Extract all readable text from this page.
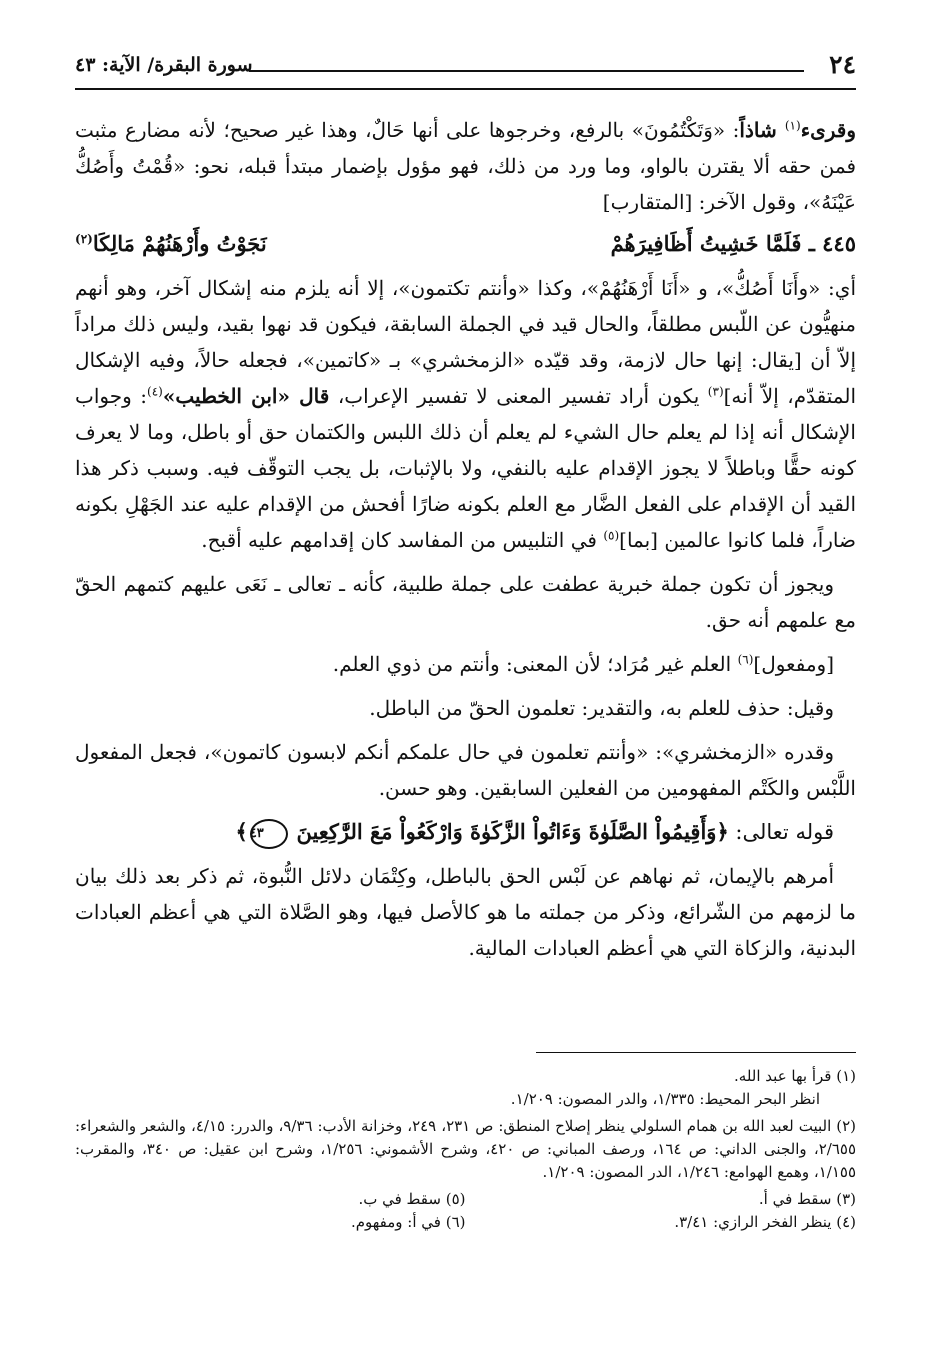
٢٤
سورة البقرة/ الآية: ٤٣

وقرىء$^{(١)}$ شاذاً: «وَتَكْتُمُونَ» بالرفع، وخرجوها على أنها حَالٌ، وهذا غير صحيح؛ لأنه مضارع مثبت فمن حقه ألا يقترن بالواو، وما ورد من ذلك، فهو مؤول بإضمار مبتدأ قبله، نحو: «قُمْتُ وأَصُكُّ عَيْنَهُ»، وقول الآخر: [المتقارب]

٤٤٥ ـ فَلَمَّا خَشِيتُ أَظَافِيرَهُمْ
نَجَوْتُ وأَرْهَنُهُمْ مَالِكَا$^{(٢)}$

أي: «وأَنَا أَصُكُّ»، و «أَنَا أَرْهَنُهُمْ»، وكذا «وأنتم تكتمون»، إلا أنه يلزم منه إشكال آخر، وهو أنهم منهيُّون عن اللّبس مطلقاً، والحال قيد في الجملة السابقة، فيكون قد نهوا بقيد، وليس ذلك مراداً إلاّ أن [يقال: إنها حال لازمة، وقد قيّده «الزمخشري» بـ «كاتمين»، فجعله حالاً، وفيه الإشكال المتقدّم، إلاّ أنه]$^{(٣)}$ يكون أراد تفسير المعنى لا تفسير الإعراب، قال «ابن الخطيب»$^{(٤)}$: وجواب الإشكال أنه إذا لم يعلم حال الشيء لم يعلم أن ذلك اللبس والكتمان حق أو باطل، وما لا يعرف كونه حقًّا وباطلاً لا يجوز الإقدام عليه بالنفي، ولا بالإثبات، بل يجب التوقّف فيه. وسبب ذكر هذا القيد أن الإقدام على الفعل الضَّار مع العلم بكونه ضارًا أفحش من الإقدام عليه عند الجَهْلِ بكونه ضاراً، فلما كانوا عالمين [بما]$^{(٥)}$ في التلبيس من المفاسد كان إقدامهم عليه أقبح.

ويجوز أن تكون جملة خبرية عطفت على جملة طلبية، كأنه ـ تعالى ـ نَعَى عليهم كتمهم الحقّ مع علمهم أنه حق.

[ومفعول]$^{(٦)}$ العلم غير مُرَاد؛ لأن المعنى: وأنتم من ذوي العلم.

وقيل: حذف للعلم به، والتقدير: تعلمون الحقّ من الباطل.

وقدره «الزمخشري»: «وأنتم تعلمون في حال علمكم أنكم لابسون كاتمون»، فجعل المفعول اللَّبْس والكَتْم المفهومين من الفعلين السابقين. وهو حسن.

قوله تعالى: ﴿وَأَقِيمُواْ الصَّلَوٰةَ وَءَاتُواْ الزَّكَوٰةَ وَارْكَعُواْ مَعَ الرَّٰكِعِينَ ٤٣﴾

أمرهم بالإيمان، ثم نهاهم عن لَبْس الحق بالباطل، وكِتْمَان دلائل النُّبوة، ثم ذكر بعد ذلك بيان ما لزمهم من الشّرائع، وذكر من جملته ما هو كالأصل فيها، وهو الصَّلاة التي هي أعظم العبادات البدنية، والزكاة التي هي أعظم العبادات المالية.

(١) قرأ بها عبد الله.

انظر البحر المحيط: ١/٣٣٥، والدر المصون: ١/٢٠٩.

(٢) البيت لعبد الله بن همام السلولي ينظر إصلاح المنطق: ص ٢٣١، ٢٤٩، وخزانة الأدب: ٩/٣٦، والدرر: ٤/١٥، والشعر والشعراء: ٢/٦٥٥، والجنى الداني: ص ١٦٤، ورصف المباني: ص ٤٢٠، وشرح الأشموني: ١/٢٥٦، وشرح ابن عقيل: ص ٣٤٠، والمقرب: ١/١٥٥، وهمع الهوامع: ١/٢٤٦، الدر المصون: ١/٢٠٩.

(٣) سقط في أ.

(٤) ينظر الفخر الرازي: ٣/٤١.

(٥) سقط في ب.

(٦) في أ: ومفهوم.
